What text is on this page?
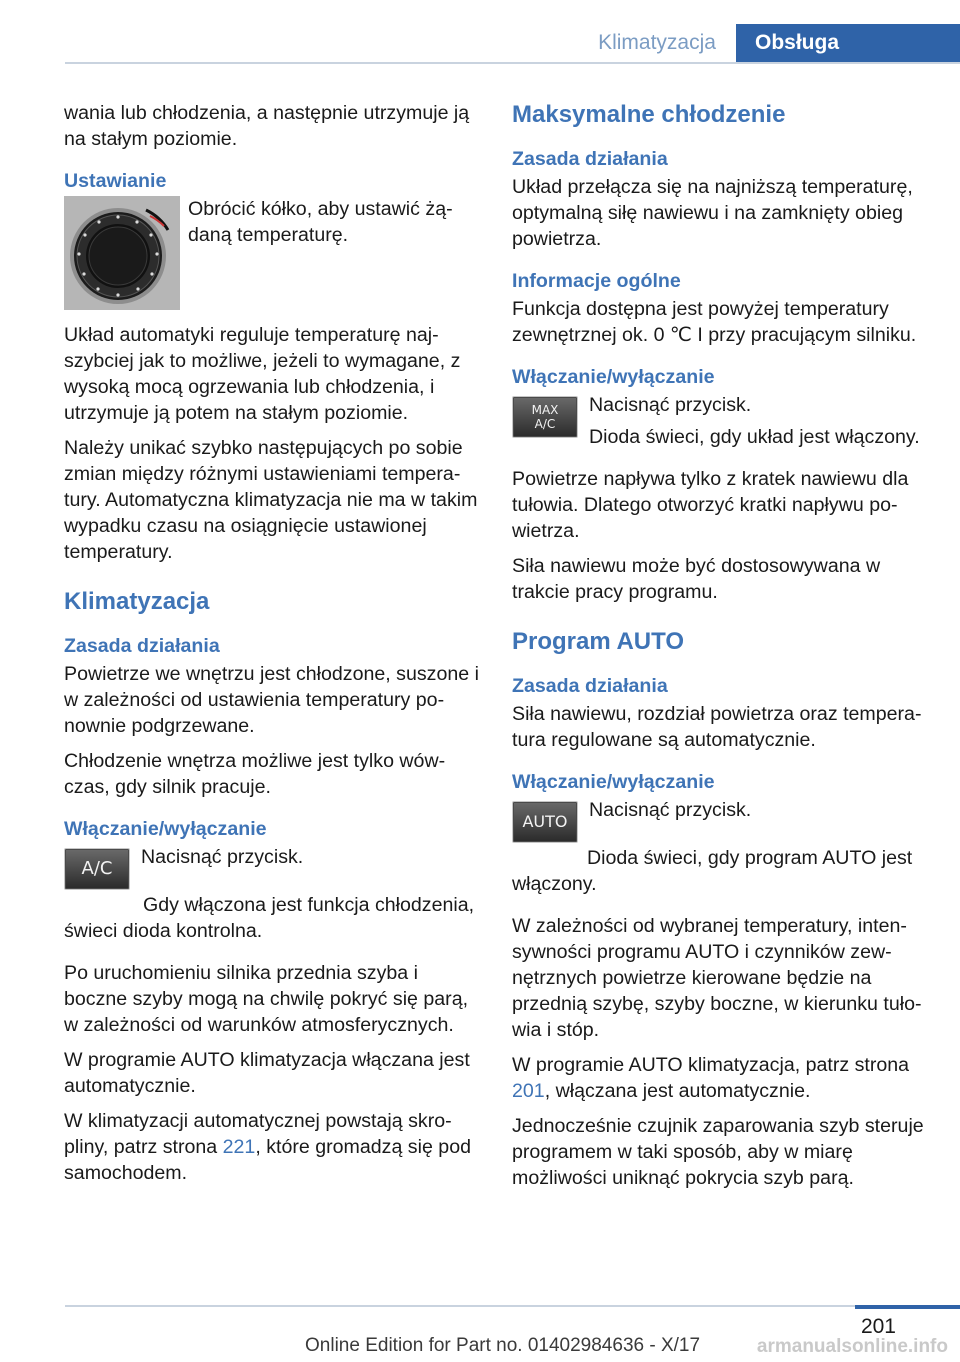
Klimatyzacja	Obsługa

wania lub chłodzenia, a następnie utrzymuje ją na stałym poziomie.

Ustawianie
Obrócić kółko, aby ustawić żądaną temperaturę.

Układ automatyki reguluje temperaturę najszybciej jak to możliwe, jeżeli to wymagane, z wysoką mocą ogrzewania lub chłodzenia, i utrzymuje ją potem na stałym poziomie.

Należy unikać szybko następujących po sobie zmian między różnymi ustawieniami temperatury. Automatyczna klimatyzacja nie ma w takim wypadku czasu na osiągnięcie ustawionej temperatury.

Klimatyzacja
Zasada działania

Powietrze we wnętrzu jest chłodzone, suszone i w zależności od ustawienia temperatury ponownie podgrzewane.

Chłodzenie wnętrza możliwe jest tylko wówczas, gdy silnik pracuje.

Włączanie/wyłączanie
A/C
Nacisnąć przycisk.

Gdy włączona jest funkcja chłodzenia, świeci dioda kontrolna.

Po uruchomieniu silnika przednia szyba i boczne szyby mogą na chwilę pokryć się parą, w zależności od warunków atmosferycznych.

W programie AUTO klimatyzacja włączana jest automatycznie.

W klimatyzacji automatycznej powstają skropliny, patrz strona 221, które gromadzą się pod samochodem.

Maksymalne chłodzenie
Zasada działania

Układ przełącza się na najniższą temperaturę, optymalną siłę nawiewu i na zamknięty obieg powietrza.

Informacje ogólne

Funkcja dostępna jest powyżej temperatury zewnętrznej ok. 0 ℃ I przy pracującym silniku.

Włączanie/wyłączanie
MAX
A/C
Nacisnąć przycisk.
Dioda świeci, gdy układ jest włączony.

Powietrze napływa tylko z kratek nawiewu dla tułowia. Dlatego otworzyć kratki napływu powietrza.

Siła nawiewu może być dostosowywana w trakcie pracy programu.

Program AUTO
Zasada działania

Siła nawiewu, rozdział powietrza oraz temperatura regulowane są automatycznie.

Włączanie/wyłączanie
AUTO
Nacisnąć przycisk.

Dioda świeci, gdy program AUTO jest włączony.

W zależności od wybranej temperatury, intensywności programu AUTO i czynników zewnętrznych powietrze kierowane będzie na przednią szybę, szyby boczne, w kierunku tułowia i stóp.

W programie AUTO klimatyzacja, patrz strona 201, włączana jest automatycznie.

Jednocześnie czujnik zaparowania szyb steruje programem w taki sposób, aby w miarę możliwości uniknąć pokrycia szyb parą.

201
Online Edition for Part no. 01402984636 - X/17	armanualsonline.info
